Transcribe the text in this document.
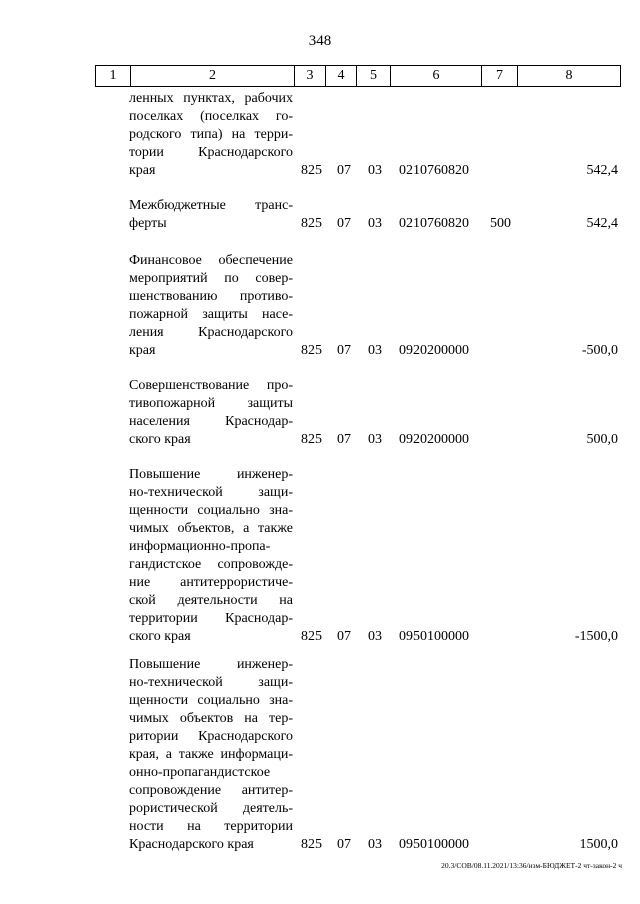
348
1	2	3	4	5	6	7	8
ленных пунктах, рабочих
поселках (поселках го-
родского типа) на терри-
тории Краснодарского
края	825 07 03 0210760820	542,4
Межбюджетные транс-
ферты	825 07 03 0210760820 500	542,4
Финансовое обеспечение
мероприятий по совер-
шенствованию противо-
пожарной защиты насе-
ления Краснодарского
края	825 07 03 0920200000	-500,0
Совершенствование про-
тивопожарной защиты
населения Краснодар-
ского края	825 07 03 0920200000	500,0
Повышение инженер-
но-технической защи-
щенности социально зна-
чимых объектов, а также
информационно-пропа-
гандистское сопровожде-
ние антитеррористиче-
ской деятельности на
территории Краснодар-
ского края	825 07 03 0950100000	-1500,0
Повышение инженер-
но-технической защи-
щенности социально зна-
чимых объектов на тер-
ритории Краснодарского
края, а также информаци-
онно-пропагандистское
сопровождение антитер-
рористической деятель-
ности на территории
Краснодарского края	825 07 03 0950100000	1500,0
20.3/СОВ/08.11.2021/13:36/изм-БЮДЖЕТ-2 чт-закон-2 ч
